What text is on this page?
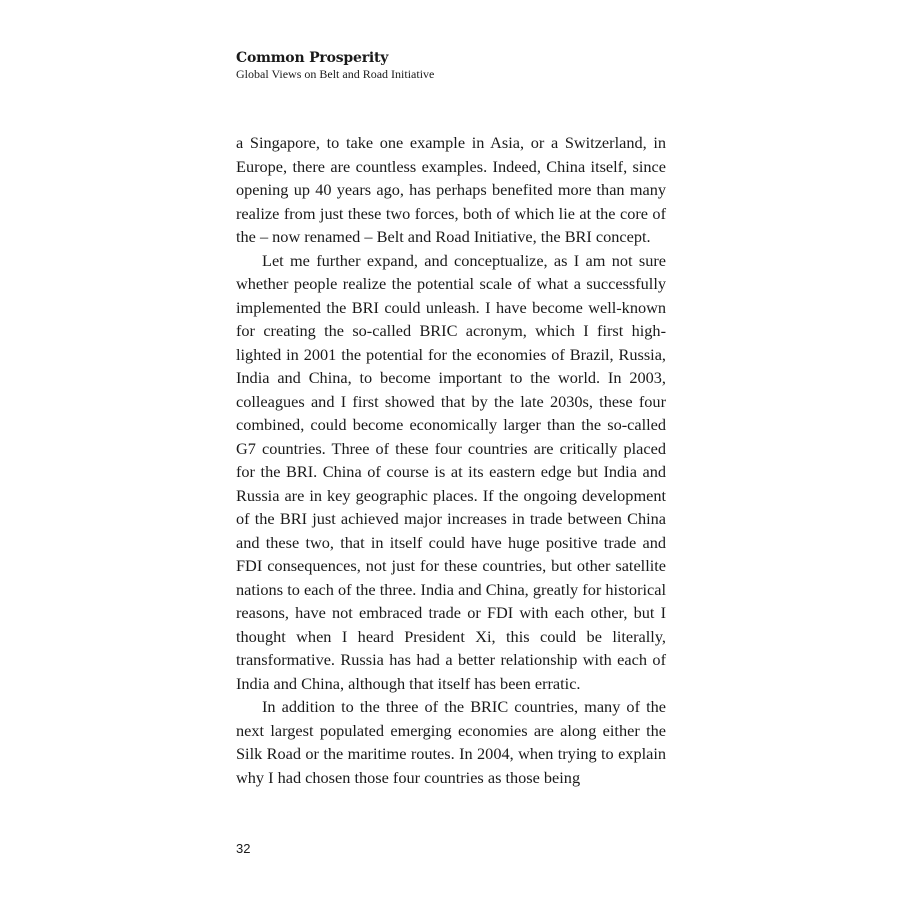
Common Prosperity

Global Views on Belt and Road Initiative

a Singapore, to take one example in Asia, or a Switzerland, in Europe, there are countless examples. Indeed, China itself, since opening up 40 years ago, has perhaps benefited more than many realize from just these two forces, both of which lie at the core of the – now renamed – Belt and Road Initiative, the BRI concept.

Let me further expand, and conceptualize, as I am not sure whether people realize the potential scale of what a successfully implemented the BRI could unleash. I have become well-known for creating the so-called BRIC acronym, which I first highlighted in 2001 the potential for the economies of Brazil, Russia, India and China, to become important to the world. In 2003, colleagues and I first showed that by the late 2030s, these four combined, could become economically larger than the so-called G7 countries. Three of these four countries are critically placed for the BRI. China of course is at its eastern edge but India and Russia are in key geographic places. If the ongoing development of the BRI just achieved major increases in trade between China and these two, that in itself could have huge positive trade and FDI consequences, not just for these countries, but other satellite nations to each of the three. India and China, greatly for historical reasons, have not embraced trade or FDI with each other, but I thought when I heard President Xi, this could be literally, transformative. Russia has had a better relationship with each of India and China, although that itself has been erratic.

In addition to the three of the BRIC countries, many of the next largest populated emerging economies are along either the Silk Road or the maritime routes. In 2004, when trying to explain why I had chosen those four countries as those being

32
